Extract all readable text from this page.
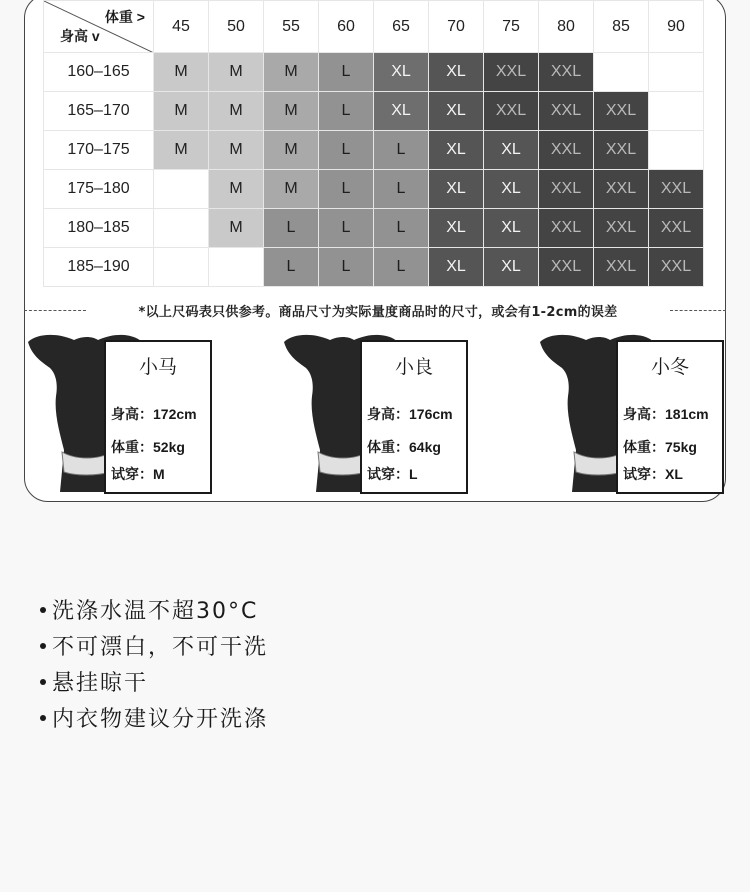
体重 >
身高 v	45	50	55	60	65	70	75	80	85	90
160–165	M	M	M	L	XL	XL	XXL	XXL		
165–170	M	M	M	L	XL	XL	XXL	XXL	XXL	
170–175	M	M	M	L	L	XL	XL	XXL	XXL	
175–180		M	M	L	L	XL	XL	XXL	XXL	XXL
180–185		M	L	L	L	XL	XL	XXL	XXL	XXL
185–190			L	L	L	XL	XL	XXL	XXL	XXL
*以上尺码表只供参考。商品尺寸为实际量度商品时的尺寸，或会有1-2cm的误差
小马
身高：172cm
体重：52kg
试穿：M
小良
身高：176cm
体重：64kg
试穿：L
小冬
身高：181cm
体重：75kg
试穿：XL
洗涤水温不超30°C
不可漂白，不可干洗
悬挂晾干
内衣物建议分开洗涤
